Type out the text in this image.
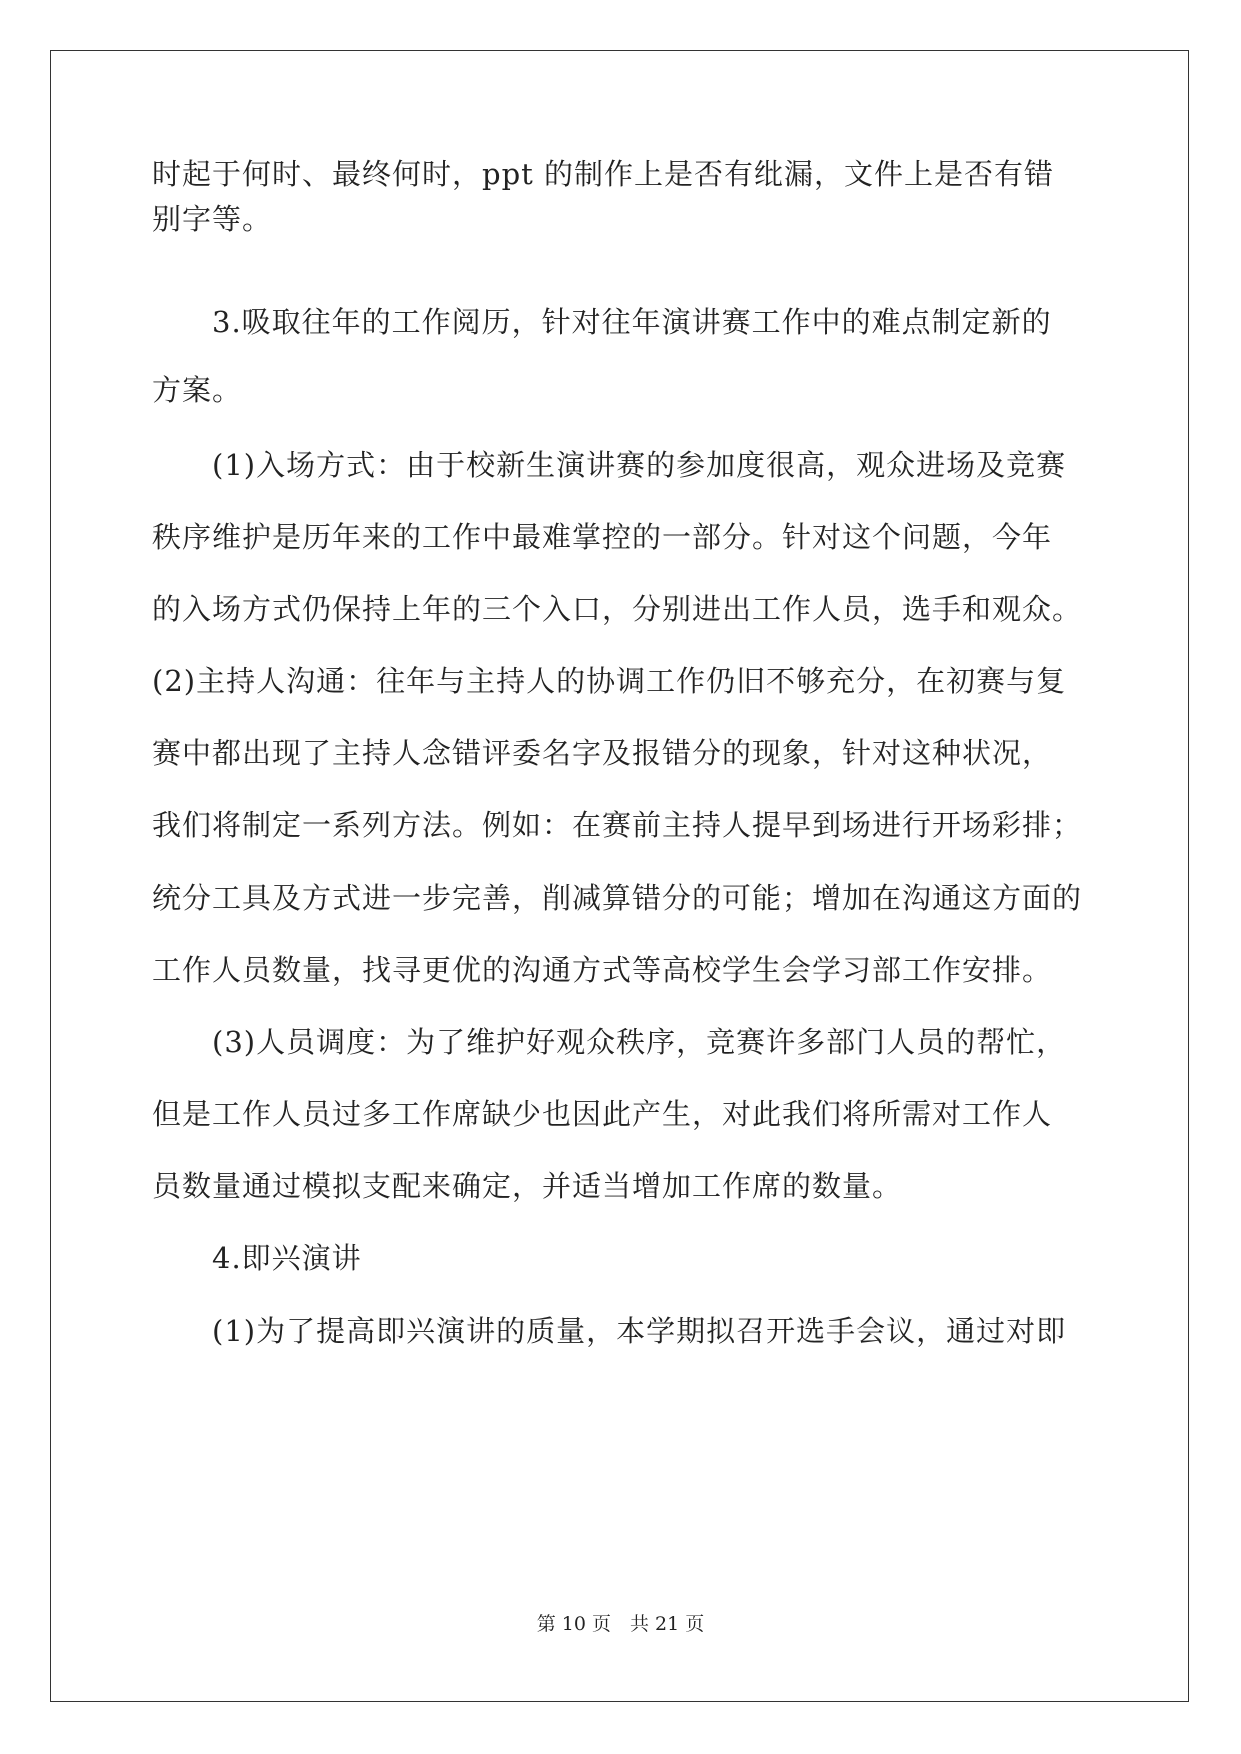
时起于何时、最终何时，ppt 的制作上是否有纰漏，文件上是否有错
别字等。
3.吸取往年的工作阅历，针对往年演讲赛工作中的难点制定新的
方案。
(1)入场方式：由于校新生演讲赛的参加度很高，观众进场及竞赛
秩序维护是历年来的工作中最难掌控的一部分。针对这个问题，今年
的入场方式仍保持上年的三个入口，分别进出工作人员，选手和观众。
(2)主持人沟通：往年与主持人的协调工作仍旧不够充分，在初赛与复
赛中都出现了主持人念错评委名字及报错分的现象，针对这种状况，
我们将制定一系列方法。例如：在赛前主持人提早到场进行开场彩排；
统分工具及方式进一步完善，削减算错分的可能；增加在沟通这方面的
工作人员数量，找寻更优的沟通方式等高校学生会学习部工作安排。
(3)人员调度：为了维护好观众秩序，竞赛许多部门人员的帮忙，
但是工作人员过多工作席缺少也因此产生，对此我们将所需对工作人
员数量通过模拟支配来确定，并适当增加工作席的数量。
4.即兴演讲
(1)为了提高即兴演讲的质量，本学期拟召开选手会议，通过对即
第 10 页　共 21 页
